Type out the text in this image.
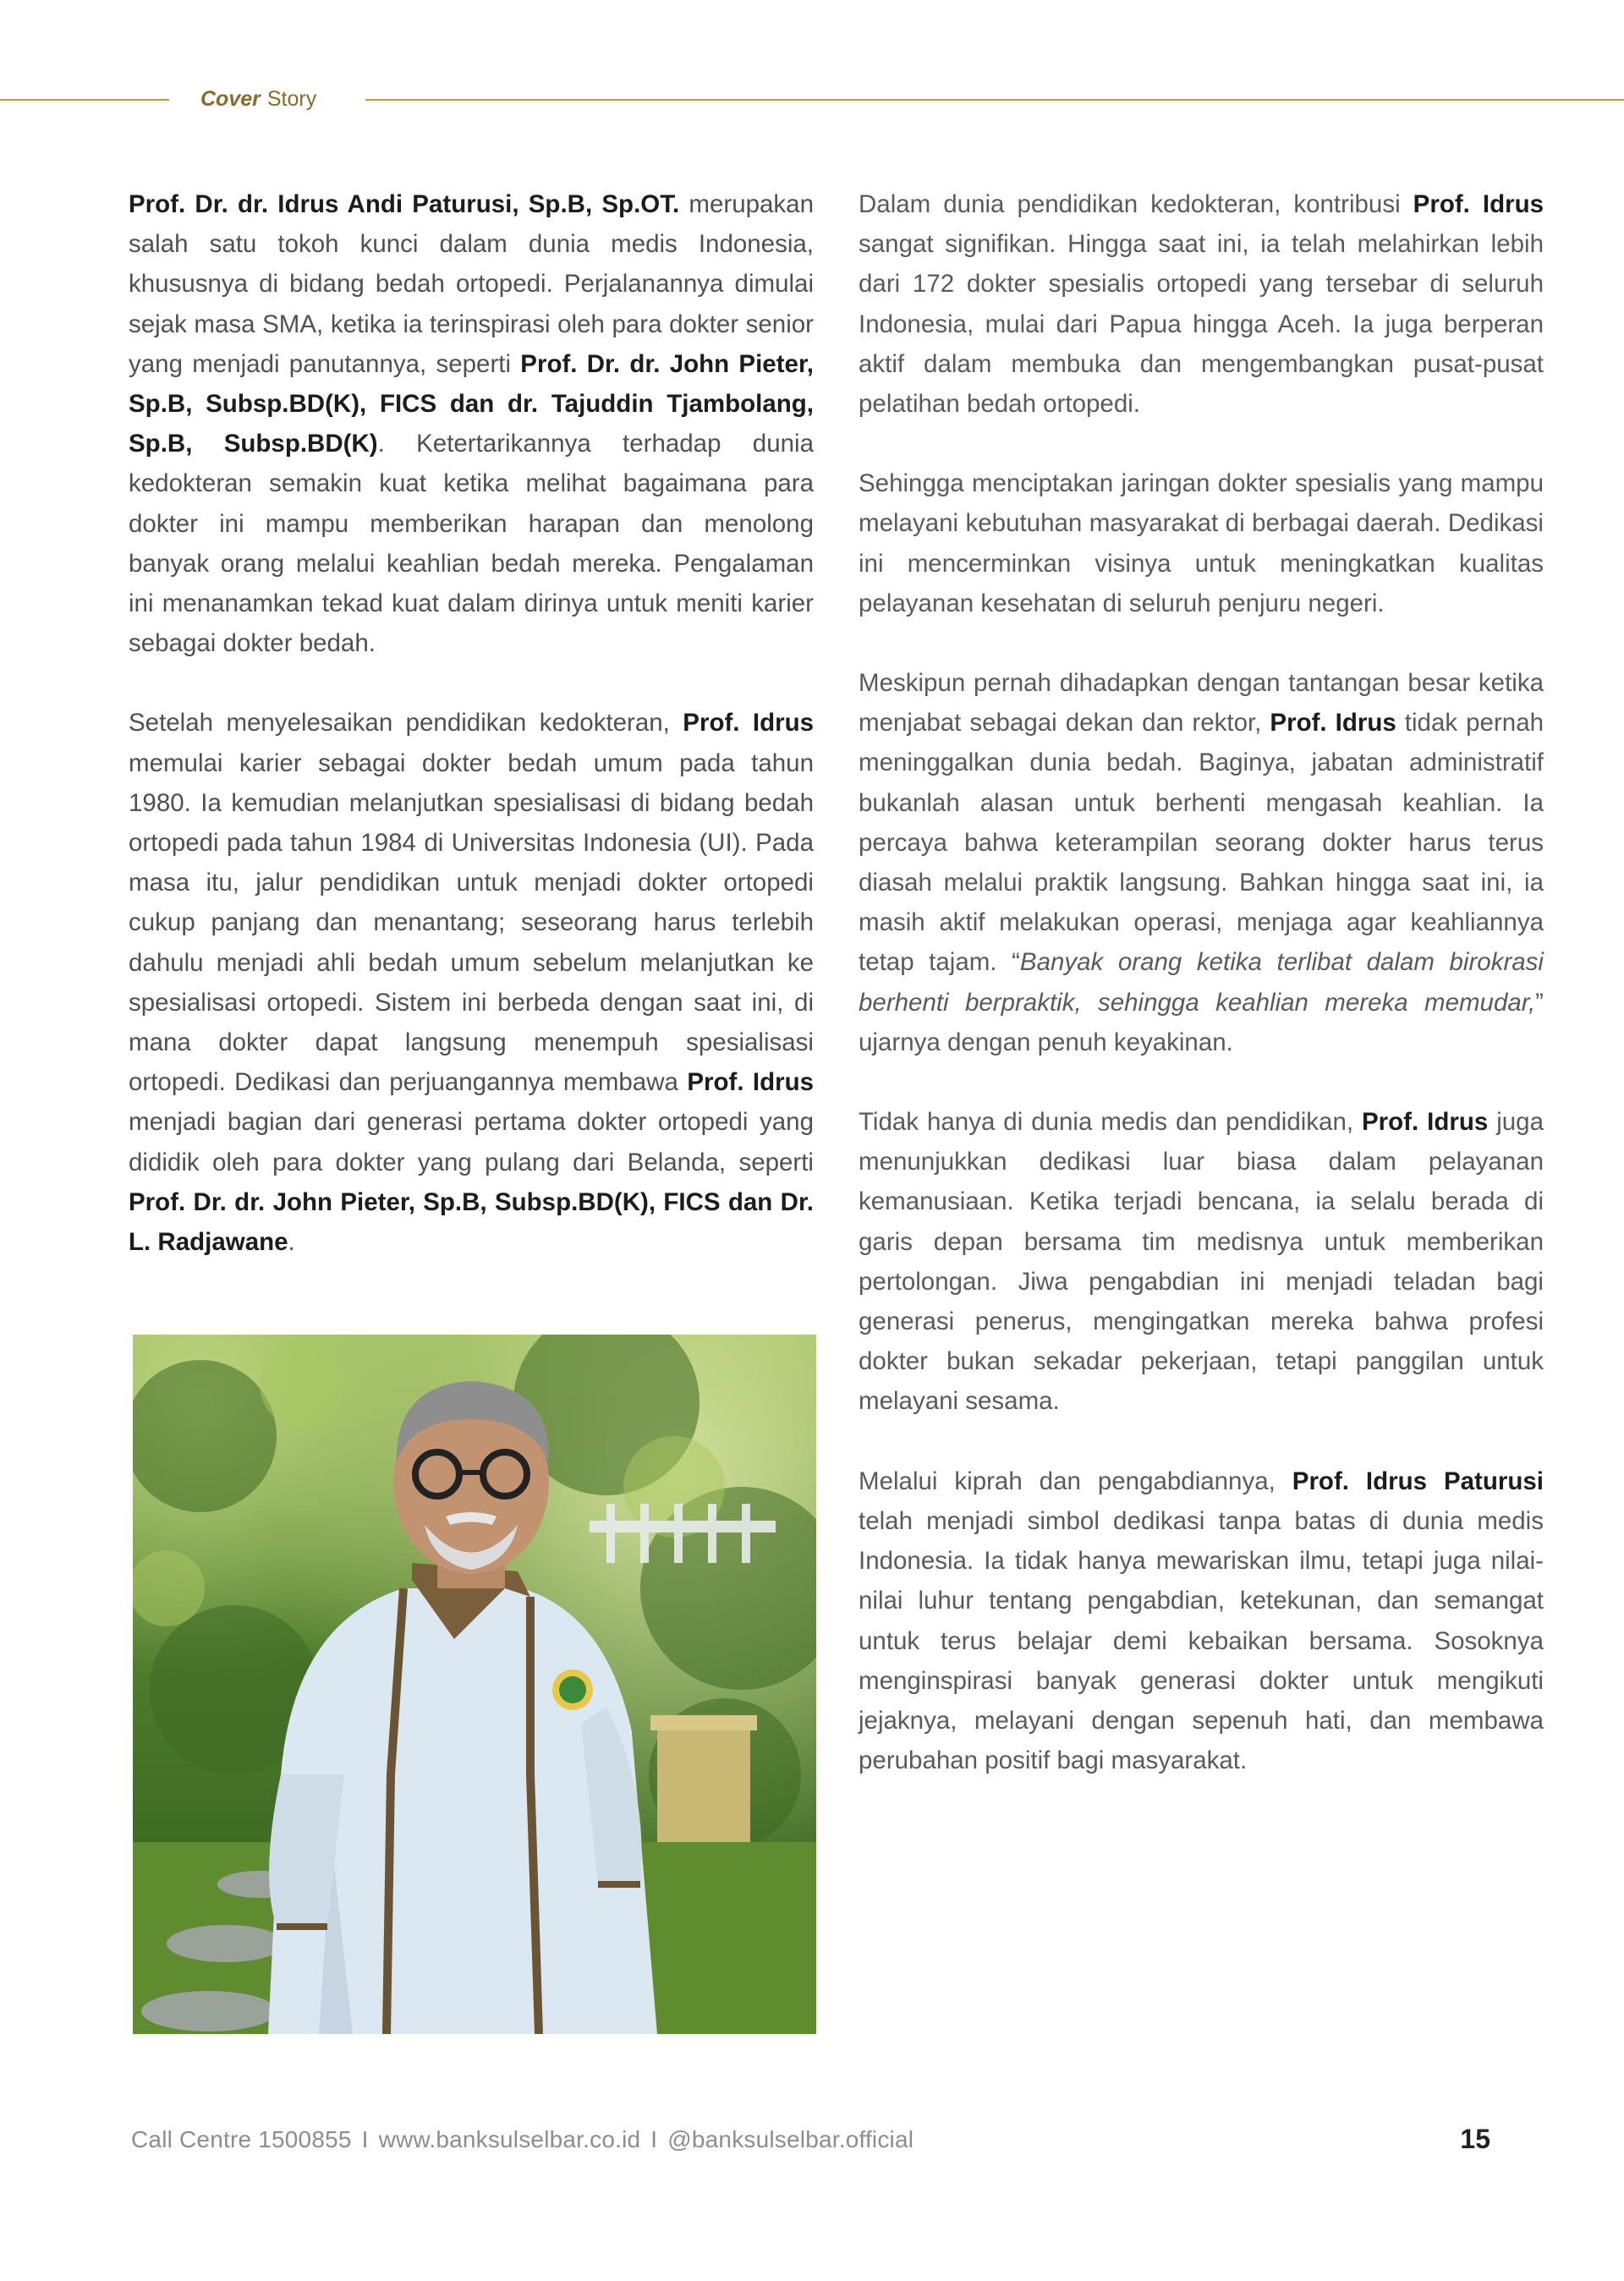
Cover Story

Prof. Dr. dr. Idrus Andi Paturusi, Sp.B, Sp.OT. merupakan salah satu tokoh kunci dalam dunia medis Indonesia, khususnya di bidang bedah ortopedi. Perjalanannya dimulai sejak masa SMA, ketika ia terinspirasi oleh para dokter senior yang menjadi panutannya, seperti Prof. Dr. dr. John Pieter, Sp.B, Subsp.BD(K), FICS dan dr. Tajuddin Tjambolang, Sp.B, Subsp.BD(K). Ketertarikannya terhadap dunia kedokteran semakin kuat ketika melihat bagaimana para dokter ini mampu memberikan harapan dan menolong banyak orang melalui keahlian bedah mereka. Pengalaman ini menanamkan tekad kuat dalam dirinya untuk meniti karier sebagai dokter bedah.

Setelah menyelesaikan pendidikan kedokteran, Prof. Idrus memulai karier sebagai dokter bedah umum pada tahun 1980. Ia kemudian melanjutkan spesialisasi di bidang bedah ortopedi pada tahun 1984 di Universitas Indonesia (UI). Pada masa itu, jalur pendidikan untuk menjadi dokter ortopedi cukup panjang dan menantang; seseorang harus terlebih dahulu menjadi ahli bedah umum sebelum melanjutkan ke spesialisasi ortopedi. Sistem ini berbeda dengan saat ini, di mana dokter dapat langsung menempuh spesialisasi ortopedi. Dedikasi dan perjuangannya membawa Prof. Idrus menjadi bagian dari generasi pertama dokter ortopedi yang dididik oleh para dokter yang pulang dari Belanda, seperti Prof. Dr. dr. John Pieter, Sp.B, Subsp.BD(K), FICS dan Dr. L. Radjawane.

Dalam dunia pendidikan kedokteran, kontribusi Prof. Idrus sangat signifikan. Hingga saat ini, ia telah melahirkan lebih dari 172 dokter spesialis ortopedi yang tersebar di seluruh Indonesia, mulai dari Papua hingga Aceh. Ia juga berperan aktif dalam membuka dan mengembangkan pusat-pusat pelatihan bedah ortopedi.

Sehingga menciptakan jaringan dokter spesialis yang mampu melayani kebutuhan masyarakat di berbagai daerah. Dedikasi ini mencerminkan visinya untuk meningkatkan kualitas pelayanan kesehatan di seluruh penjuru negeri.

Meskipun pernah dihadapkan dengan tantangan besar ketika menjabat sebagai dekan dan rektor, Prof. Idrus tidak pernah meninggalkan dunia bedah. Baginya, jabatan administratif bukanlah alasan untuk berhenti mengasah keahlian. Ia percaya bahwa keterampilan seorang dokter harus terus diasah melalui praktik langsung. Bahkan hingga saat ini, ia masih aktif melakukan operasi, menjaga agar keahliannya tetap tajam. “Banyak orang ketika terlibat dalam birokrasi berhenti berpraktik, sehingga keahlian mereka memudar,” ujarnya dengan penuh keyakinan.

Tidak hanya di dunia medis dan pendidikan, Prof. Idrus juga menunjukkan dedikasi luar biasa dalam pelayanan kemanusiaan. Ketika terjadi bencana, ia selalu berada di garis depan bersama tim medisnya untuk memberikan pertolongan. Jiwa pengabdian ini menjadi teladan bagi generasi penerus, mengingatkan mereka bahwa profesi dokter bukan sekadar pekerjaan, tetapi panggilan untuk melayani sesama.

Melalui kiprah dan pengabdiannya, Prof. Idrus Paturusi telah menjadi simbol dedikasi tanpa batas di dunia medis Indonesia. Ia tidak hanya mewariskan ilmu, tetapi juga nilai-nilai luhur tentang pengabdian, ketekunan, dan semangat untuk terus belajar demi kebaikan bersama. Sosoknya menginspirasi banyak generasi dokter untuk mengikuti jejaknya, melayani dengan sepenuh hati, dan membawa perubahan positif bagi masyarakat.

Call Centre 1500855 I www.banksulselbar.co.id I @banksulselbar.official	15
